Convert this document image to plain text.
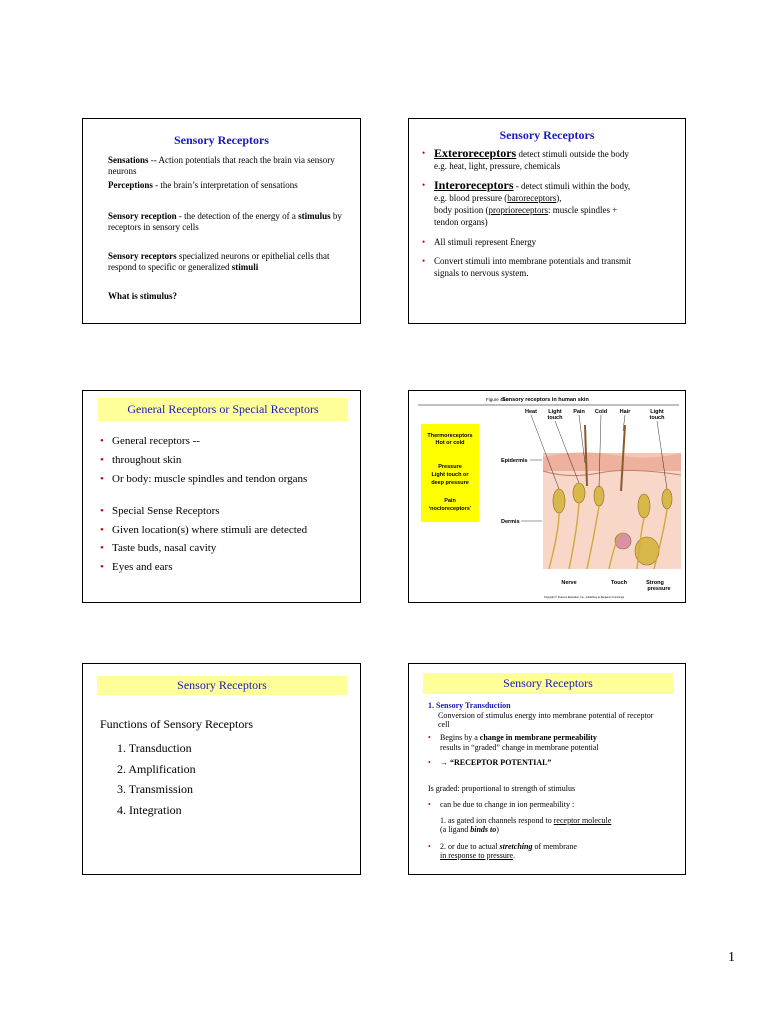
Sensory Receptors
Sensations -- Action potentials that reach the brain via sensory neurons
Perceptions - the brain’s interpretation of sensations
Sensory reception - the detection of the energy of a stimulus by receptors in sensory cells
Sensory receptors specialized neurons or epithelial cells that respond to specific or generalized stimuli
What is stimulus?
Sensory Receptors
• Exteroreceptors detect stimuli outside the body
e.g. heat, light, pressure, chemicals
• Interoreceptors - detect stimuli within the body,
e.g. blood pressure (baroreceptors),
body position (proprioreceptors: muscle spindles +
tendon organs)
• All stimuli represent Energy
• Convert stimuli into membrane potentials and transmit signals to nervous system.
General Receptors or Special Receptors
• General receptors --
• throughout skin
• Or body: muscle spindles and tendon organs
• Special Sense Receptors
• Given location(s) where stimuli are detected
• Taste buds, nasal cavity
• Eyes and ears
Figure 49.3
Sensory receptors in human skin
Thermoreceptors
Hot or cold
Pressure
Light touch or
deep pressure
Pain
‘nocioreceptors’
Heat Light
touch
Pain Cold Hair	Light
touch
Epidermis
Dermis
Nerve	Touch	Strong
pressure
Copyright © Pearson Education, Inc., publishing as Benjamin Cummings
Sensory Receptors
Functions of Sensory Receptors
1. Transduction
2. Amplification
3. Transmission
4. Integration
Sensory Receptors
1. Sensory Transduction
Conversion of stimulus energy into membrane potential of receptor cell
• Begins by a change in membrane permeability
results in “graded” change in membrane potential
• → “RECEPTOR POTENTIAL”
Is graded: proportional to strength of stimulus
• can be due to change in ion permeability :
1. as gated ion channels respond to receptor molecule
(a ligand binds to)
• 2. or due to actual stretching of membrane
in response to pressure.
1
